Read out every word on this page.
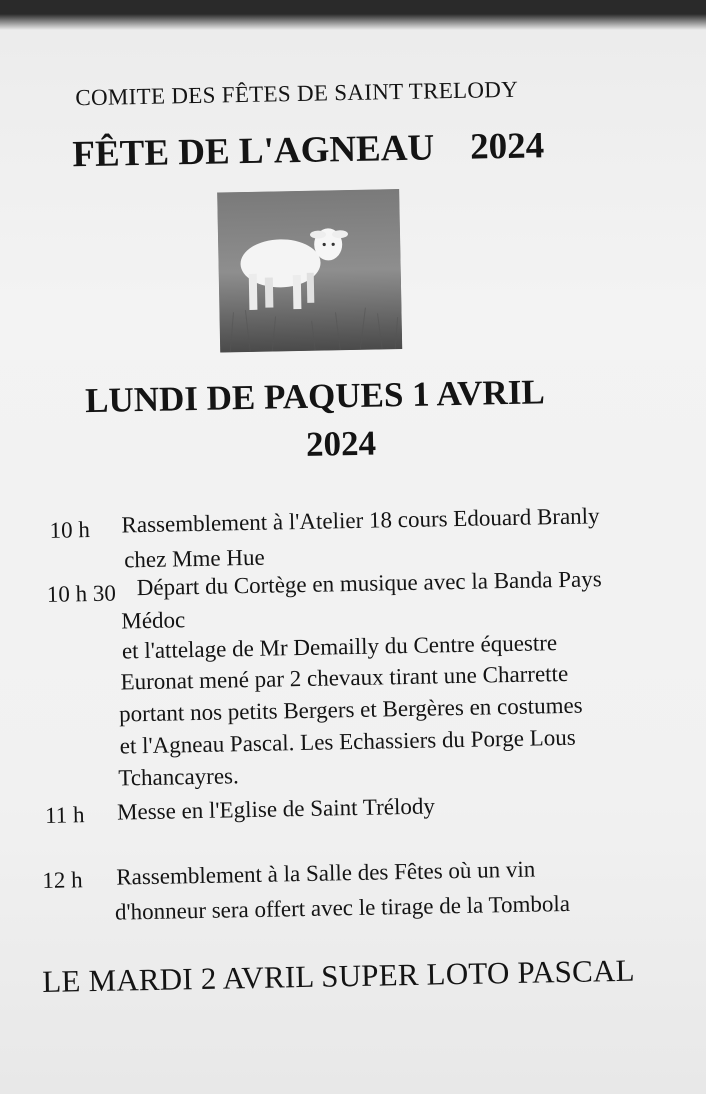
COMITE DES FÊTES DE SAINT TRELODY
FÊTE DE L'AGNEAU 2024
LUNDI DE PAQUES 1 AVRIL
2024
10 h Rassemblement à l'Atelier 18 cours Edouard Branly
chez Mme Hue
10 h 30 Départ du Cortège en musique avec la Banda Pays
Médoc
et l'attelage de Mr Demailly du Centre équestre
Euronat mené par 2 chevaux tirant une Charrette
portant nos petits Bergers et Bergères en costumes
et l'Agneau Pascal. Les Echassiers du Porge Lous
Tchancayres.
11 h Messe en l'Eglise de Saint Trélody
12 h Rassemblement à la Salle des Fêtes où un vin
d'honneur sera offert avec le tirage de la Tombola
LE MARDI 2 AVRIL SUPER LOTO PASCAL
